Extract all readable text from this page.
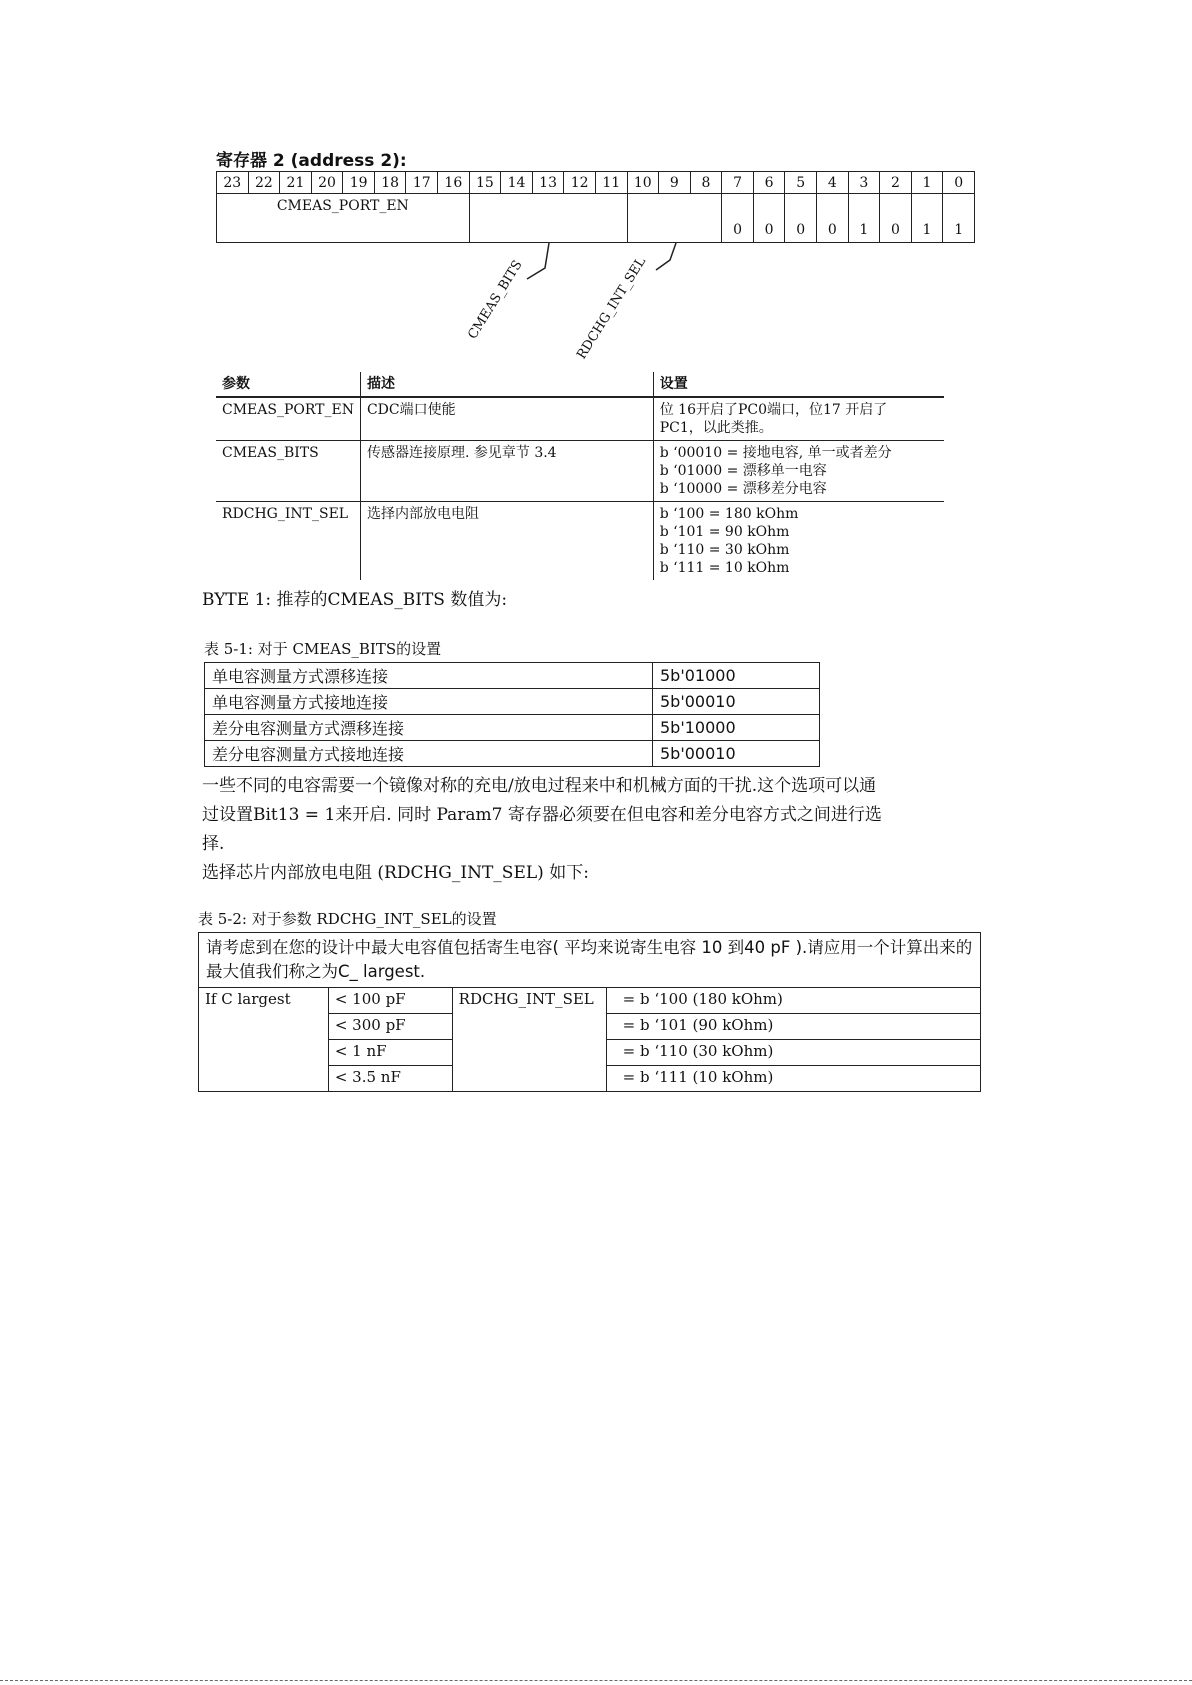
寄存器 2 (address 2):
23	22	21	20	19	18	17	16	15	14	13	12	11	10	9	8	7	6	5	4	3	2	1	0

CMEAS_PORT_EN																0	0	0	0	1	0	1	1
CMEAS_BITS	RDCHG_INT_SEL
参数	描述	设置
CMEAS_PORT_EN	CDC端口使能	位 16开启了PC0端口，位17 开启了
PC1，以此类推。

CMEAS_BITS	传感器连接原理. 参见章节 3.4	b ‘00010 = 接地电容, 单一或者差分
b ‘01000 = 漂移单一电容
b ‘10000 = 漂移差分电容

RDCHG_INT_SEL	选择内部放电电阻	b ‘100 = 180 kOhm
b ‘101 = 90 kOhm
b ‘110 = 30 kOhm
b ‘111 = 10 kOhm
BYTE 1: 推荐的CMEAS_BITS 数值为:
表 5-1: 对于 CMEAS_BITS的设置
单电容测量方式漂移连接	5b'01000
单电容测量方式接地连接	5b'00010
差分电容测量方式漂移连接	5b'10000
差分电容测量方式接地连接	5b'00010
一些不同的电容需要一个镜像对称的充电/放电过程来中和机械方面的干扰.这个选项可以通
过设置Bit13 = 1来开启. 同时 Param7 寄存器必须要在但电容和差分电容方式之间进行选
择.
选择芯片内部放电电阻 (RDCHG_INT_SEL) 如下:
表 5-2: 对于参数 RDCHG_INT_SEL的设置
请考虑到在您的设计中最大电容值包括寄生电容( 平均来说寄生电容 10 到40 pF ).请应用一个计算出来的最大值我们称之为C_ largest.			
If C largest	< 100 pF	RDCHG_INT_SEL	= b ‘100 (180 kOhm)
	< 300 pF		= b ‘101 (90 kOhm)
	< 1 nF		= b ‘110 (30 kOhm)
	< 3.5 nF		= b ‘111 (10 kOhm)
